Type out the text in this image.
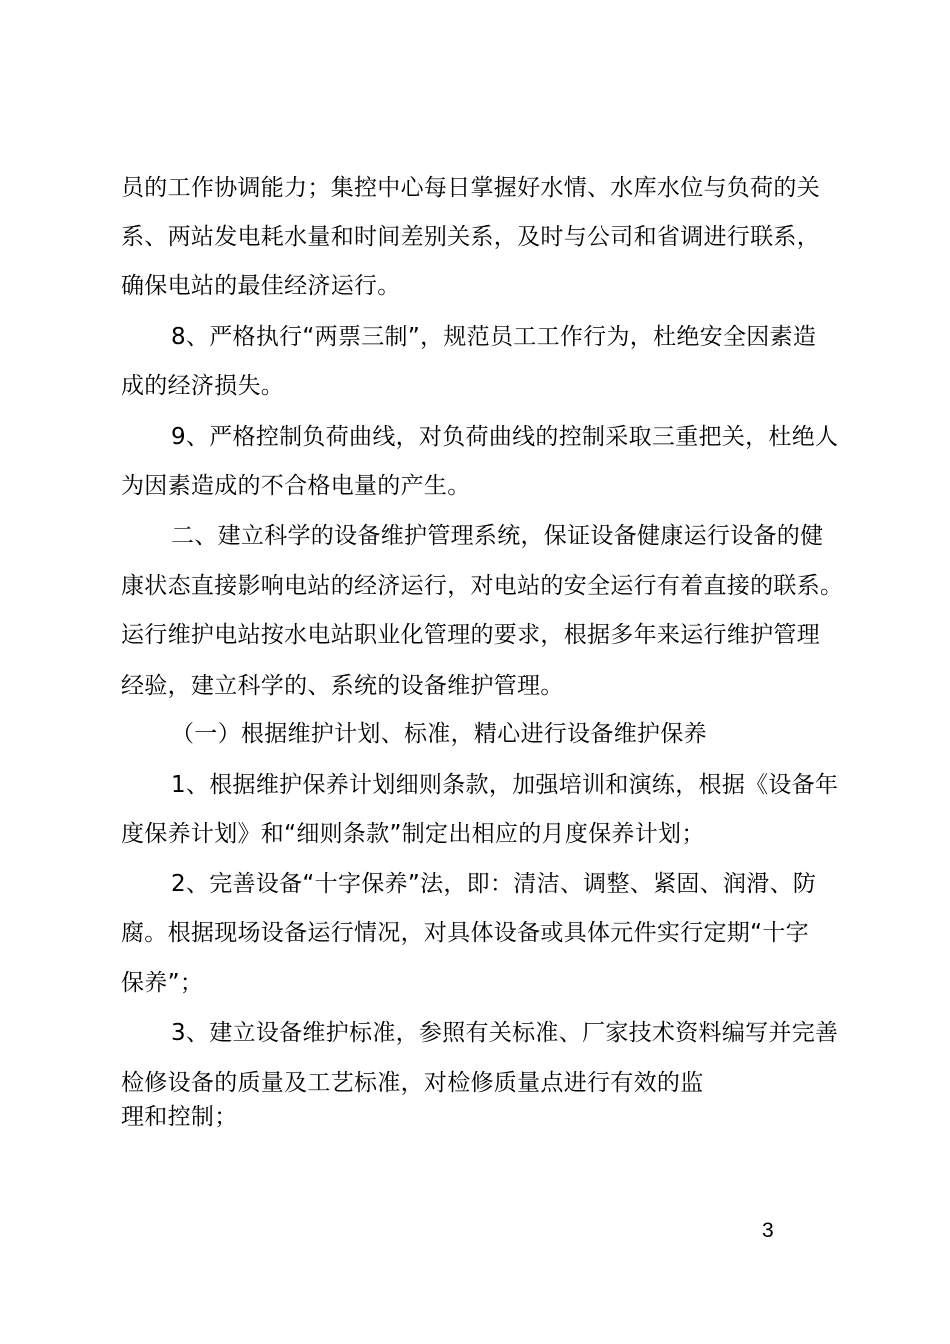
员的工作协调能力；集控中心每日掌握好水情、水库水位与负荷的关
系、两站发电耗水量和时间差别关系，及时与公司和省调进行联系，
确保电站的最佳经济运行。
8、严格执行“两票三制”，规范员工工作行为，杜绝安全因素造
成的经济损失。
9、严格控制负荷曲线，对负荷曲线的控制采取三重把关，杜绝人
为因素造成的不合格电量的产生。
二、建立科学的设备维护管理系统，保证设备健康运行设备的健
康状态直接影响电站的经济运行，对电站的安全运行有着直接的联系。
运行维护电站按水电站职业化管理的要求，根据多年来运行维护管理
经验，建立科学的、系统的设备维护管理。
（一）根据维护计划、标准，精心进行设备维护保养
1、根据维护保养计划细则条款，加强培训和演练，根据《设备年
度保养计划》和“细则条款”制定出相应的月度保养计划；
2、完善设备“十字保养”法，即：清洁、调整、紧固、润滑、防
腐。根据现场设备运行情况，对具体设备或具体元件实行定期“十字
保养”；
3、建立设备维护标准，参照有关标准、厂家技术资料编写并完善
检修设备的质量及工艺标准，对检修质量点进行有效的监
理和控制；
3
